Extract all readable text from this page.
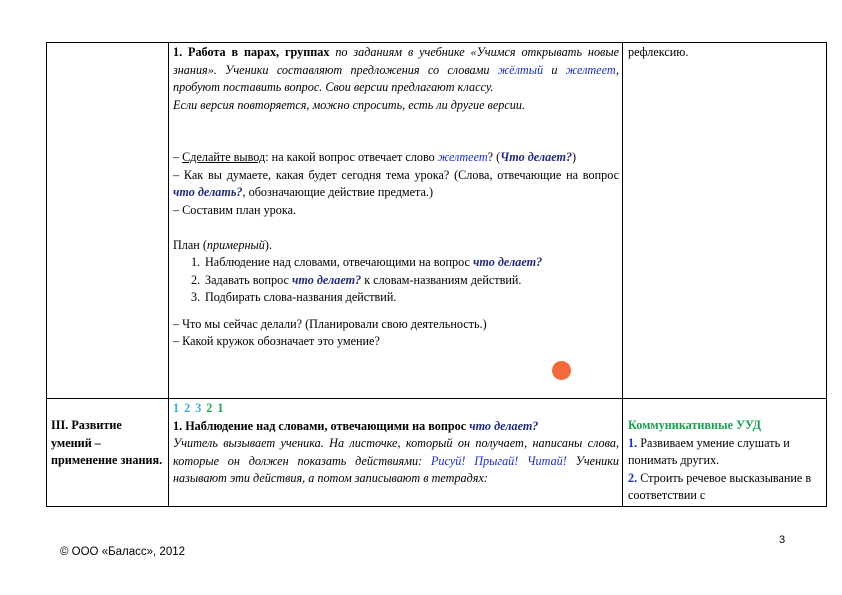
1. Работа в парах, группах по заданиям в учебнике «Учимся открывать новые знания». Ученики составляют предложения со словами жёлтый и желтеет, пробуют поставить вопрос. Свои версии предлагают классу.

Если версия повторяется, можно спросить, есть ли другие версии.

– Сделайте вывод: на какой вопрос отвечает слово желтеет? (Что делает?)

– Как вы думаете, какая будет сегодня тема урока? (Слова, отвечающие на вопрос что делать?, обозначающие действие предмета.)

– Составим план урока.

План (примерный).

1. Наблюдение над словами, отвечающими на вопрос что делает?

2. Задавать вопрос что делает? к словам-названиям действий.

3. Подбирать слова-названия действий.

– Что мы сейчас делали? (Планировали свою деятельность.)

– Какой кружок обозначает это умение?

рефлексию.

III. Развитие умений – применение знания.

1 2 3 2 1

1. Наблюдение над словами, отвечающими на вопрос что делает?

Учитель вызывает ученика. На листочке, который он получает, написаны слова, которые он должен показать действиями: Рисуй! Прыгай! Читай! Ученики называют эти действия, а потом записывают в тетрадях:

Коммуникативные УУД

1. Развиваем умение слушать и понимать других.

2. Строить речевое высказывание в соответствии с

3
© ООО «Баласс», 2012
